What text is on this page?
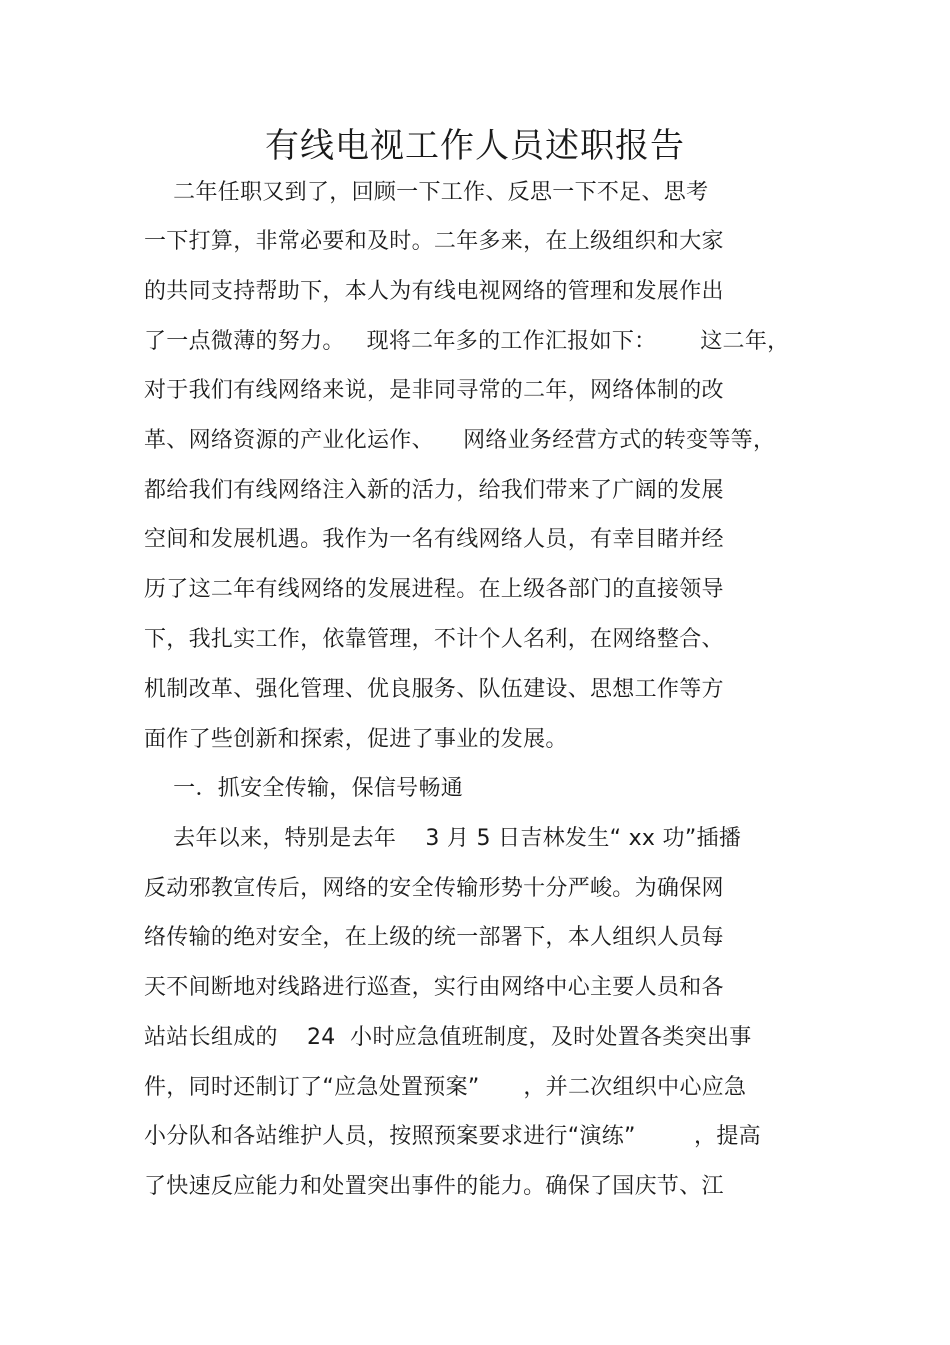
有线电视工作人员述职报告
二年任职又到了，回顾一下工作、反思一下不足、思考
一下打算，非常必要和及时。二年多来，在上级组织和大家
的共同支持帮助下，本人为有线电视网络的管理和发展作出
了一点微薄的努力。   现将二年多的工作汇报如下：      这二年，
对于我们有线网络来说，是非同寻常的二年，网络体制的改
革、网络资源的产业化运作、    网络业务经营方式的转变等等，
都给我们有线网络注入新的活力，给我们带来了广阔的发展
空间和发展机遇。我作为一名有线网络人员，有幸目睹并经
历了这二年有线网络的发展进程。在上级各部门的直接领导
下，我扎实工作，依靠管理，不计个人名利，在网络整合、
机制改革、强化管理、优良服务、队伍建设、思想工作等方
面作了些创新和探索，促进了事业的发展。
一．抓安全传输，保信号畅通
去年以来，特别是去年    3 月 5 日吉林发生“ xx 功”插播
反动邪教宣传后，网络的安全传输形势十分严峻。为确保网
络传输的绝对安全，在上级的统一部署下，本人组织人员每
天不间断地对线路进行巡查，实行由网络中心主要人员和各
站站长组成的    24  小时应急值班制度，及时处置各类突出事
件，同时还制订了“应急处置预案”      ，并二次组织中心应急
小分队和各站维护人员，按照预案要求进行“演练”        ，提高
了快速反应能力和处置突出事件的能力。确保了国庆节、江
